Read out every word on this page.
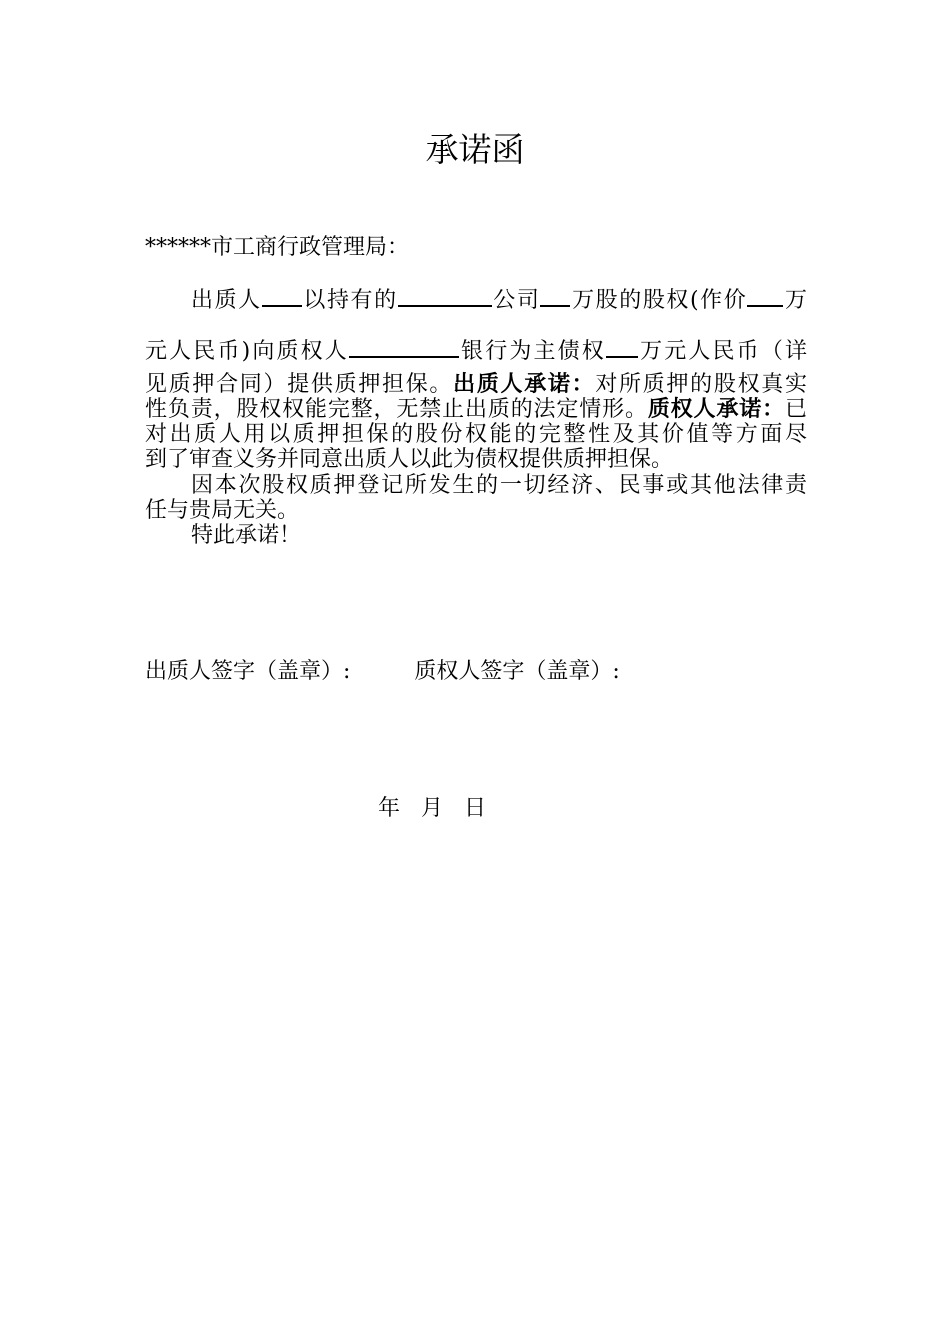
承诺函
******市工商行政管理局：
出质人 以持有的	公司 万股的股权(作价 万
元人民币)向质权人	银行为主债权 万元人民币（详
见质押合同）提供质押担保。出质人承诺：对所质押的股权真实
性负责，股权权能完整，无禁止出质的法定情形。质权人承诺：已
对出质人用以质押担保的股份权能的完整性及其价值等方面尽
到了审查义务并同意出质人以此为债权提供质押担保。
因本次股权质押登记所发生的一切经济、民事或其他法律责
任与贵局无关。
特此承诺！
出质人签字（盖章）:	质权人签字（盖章）:
年 月 日
